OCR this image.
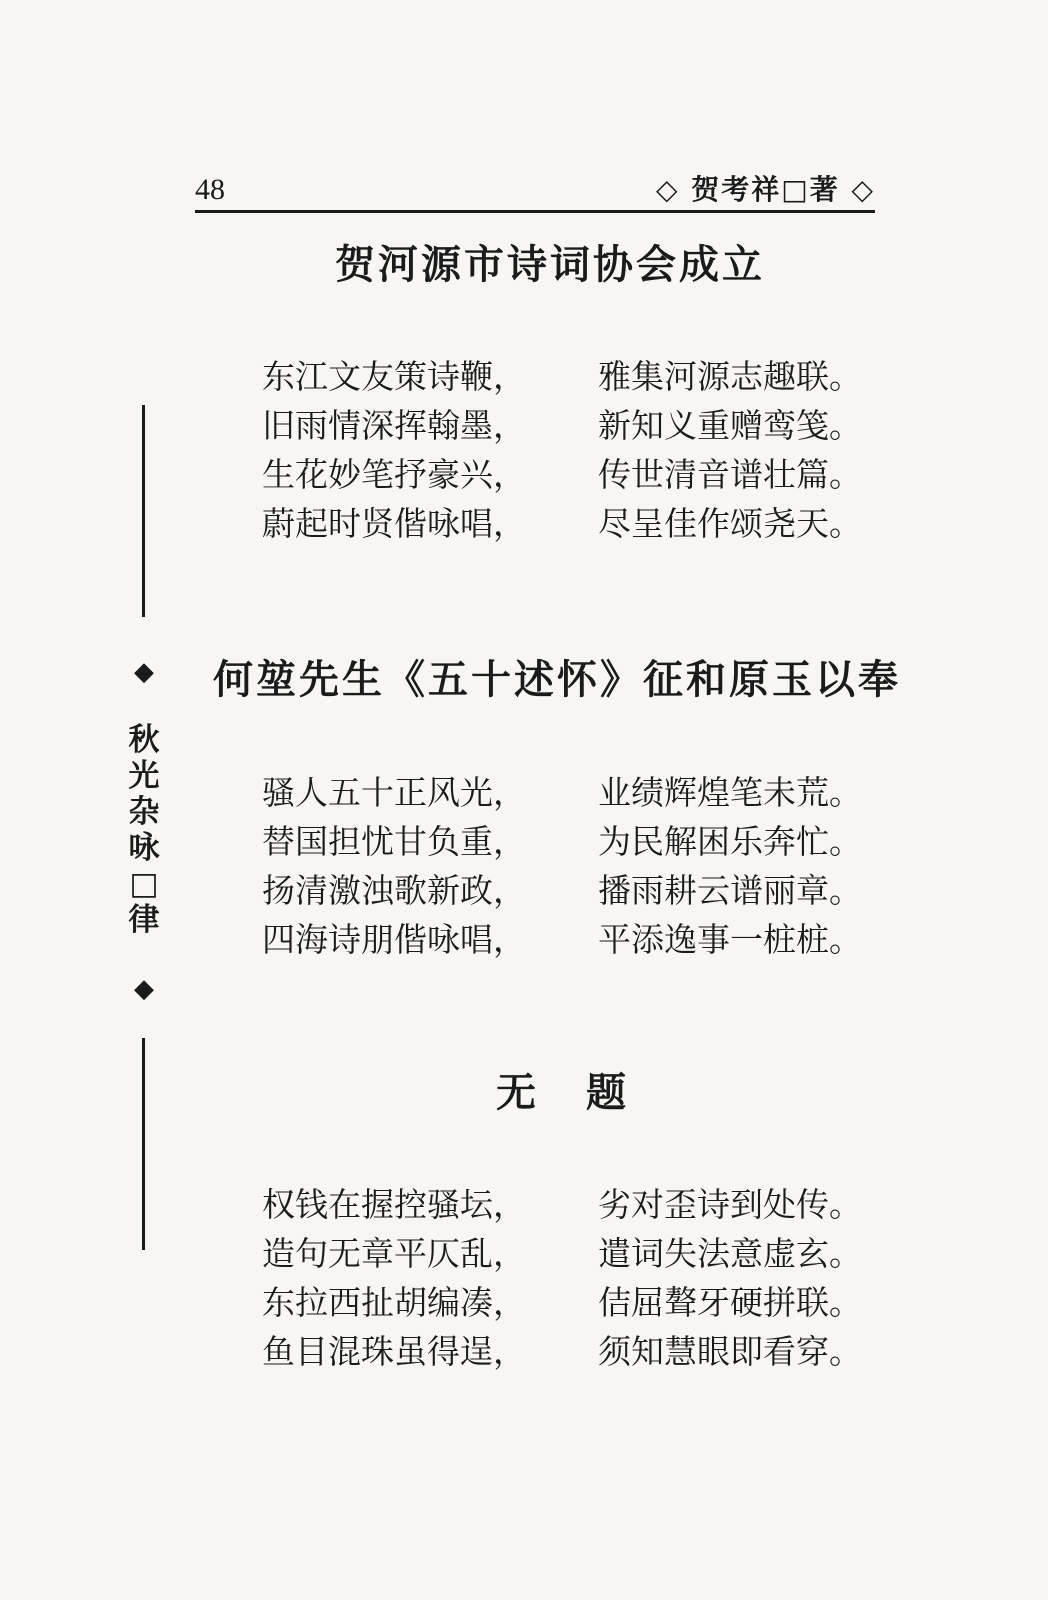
48	◇ 贺考祥□著 ◇
◆
秋光杂咏□律
◆
贺河源市诗词协会成立
东江文友策诗鞭， 雅集河源志趣联。
旧雨情深挥翰墨， 新知义重赠鸾笺。
生花妙笔抒豪兴， 传世清音谱壮篇。
蔚起时贤偕咏唱， 尽呈佳作颂尧天。
何堃先生《五十述怀》征和原玉以奉
骚人五十正风光， 业绩辉煌笔未荒。
替国担忧甘负重， 为民解困乐奔忙。
扬清激浊歌新政， 播雨耕云谱丽章。
四海诗朋偕咏唱， 平添逸事一桩桩。
无题
权钱在握控骚坛， 劣对歪诗到处传。
造句无章平仄乱， 遣词失法意虚玄。
东拉西扯胡编凑， 佶屈聱牙硬拼联。
鱼目混珠虽得逞， 须知慧眼即看穿。
